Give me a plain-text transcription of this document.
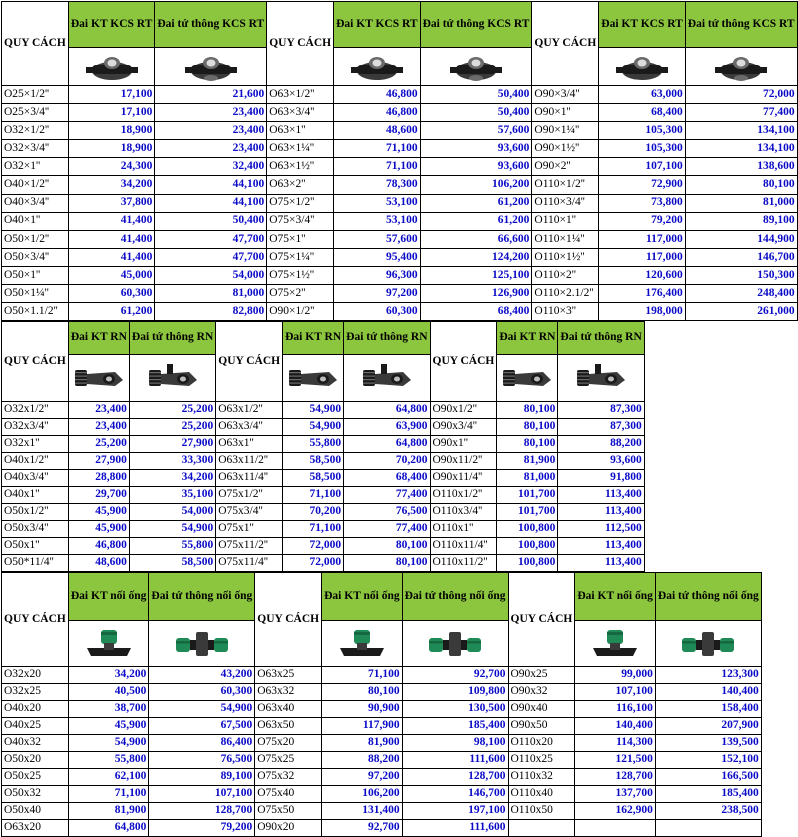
QUY CÁCH	Đai KT KCS RT	Đai tứ thông KCS RT	QUY CÁCH	Đai KT KCS RT	Đai tứ thông KCS RT	QUY CÁCH	Đai KT KCS RT	Đai tứ thông KCS RT

O25×1/2''	17,100	21,600	O63×1/2''	46,800	50,400	O90×3/4''	63,000	72,000
O25×3/4''	17,100	23,400	O63×3/4''	46,800	50,400	O90×1''	68,400	77,400
O32×1/2''	18,900	23,400	O63×1''	48,600	57,600	O90×1¼''	105,300	134,100
O32×3/4''	18,900	23,400	O63×1¼''	71,100	93,600	O90×1½''	105,300	134,100
O32×1''	24,300	32,400	O63×1½''	71,100	93,600	O90×2''	107,100	138,600
O40×1/2''	34,200	44,100	O63×2''	78,300	106,200	O110×1/2''	72,900	80,100
O40×3/4''	37,800	44,100	O75×1/2''	53,100	61,200	O110×3/4''	73,800	81,000
O40×1''	41,400	50,400	O75×3/4''	53,100	61,200	O110×1''	79,200	89,100
O50×1/2''	41,400	47,700	O75×1''	57,600	66,600	O110×1¼''	117,000	144,900
O50×3/4''	41,400	47,700	O75×1¼''	95,400	124,200	O110×1½''	117,000	146,700
O50×1''	45,000	54,000	O75×1½''	96,300	125,100	O110×2''	120,600	150,300
O50×1¼''	60,300	81,000	O75×2''	97,200	126,900	O110×2.1/2''	176,400	248,400
O50×1.1/2''	61,200	82,800	O90×1/2''	60,300	68,400	O110×3''	198,000	261,000
QUY CÁCH	Đai KT RN	Đai tứ thông RN	QUY CÁCH	Đai KT RN	Đai tứ thông RN	QUY CÁCH	Đai KT RN	Đai tứ thông RN

O32x1/2''	23,400	25,200	O63x1/2''	54,900	64,800	O90x1/2''	80,100	87,300
O32x3/4''	23,400	25,200	O63x3/4''	54,900	63,900	O90x3/4''	80,100	87,300
O32x1''	25,200	27,900	O63x1''	55,800	64,800	O90x1''	80,100	88,200
O40x1/2''	27,900	33,300	O63x11/2''	58,500	70,200	O90x11/2''	81,900	93,600
O40x3/4''	28,800	34,200	O63x11/4''	58,500	68,400	O90x11/4''	81,000	91,800
O40x1''	29,700	35,100	O75x1/2''	71,100	77,400	O110x1/2''	101,700	113,400
O50x1/2''	45,900	54,000	O75x3/4''	70,200	76,500	O110x3/4''	101,700	113,400
O50x3/4''	45,900	54,900	O75x1''	71,100	77,400	O110x1''	100,800	112,500
O50x1''	46,800	55,800	O75x11/2''	72,000	80,100	O110x11/4''	100,800	113,400
O50*11/4''	48,600	58,500	O75x11/4''	72,000	80,100	O110x11/2''	100,800	113,400
QUY CÁCH	Đai KT nối ống	Đai tứ thông nối ống	QUY CÁCH	Đai KT nối ống	Đai tứ thông nối ống	QUY CÁCH	Đai KT nối ống	Đai tứ thông nối ống

O32x20	34,200	43,200	O63x25	71,100	92,700	O90x25	99,000	123,300
O32x25	40,500	60,300	O63x32	80,100	109,800	O90x32	107,100	140,400
O40x20	38,700	54,900	O63x40	90,900	130,500	O90x40	116,100	158,400
O40x25	45,900	67,500	O63x50	117,900	185,400	O90x50	140,400	207,900
O40x32	54,900	86,400	O75x20	81,900	98,100	O110x20	114,300	139,500
O50x20	55,800	76,500	O75x25	88,200	111,600	O110x25	121,500	152,100
O50x25	62,100	89,100	O75x32	97,200	128,700	O110x32	128,700	166,500
O50x32	71,100	107,100	O75x40	106,200	146,700	O110x40	137,700	185,400
O50x40	81,900	128,700	O75x50	131,400	197,100	O110x50	162,900	238,500
O63x20	64,800	79,200	O90x20	92,700	111,600			
